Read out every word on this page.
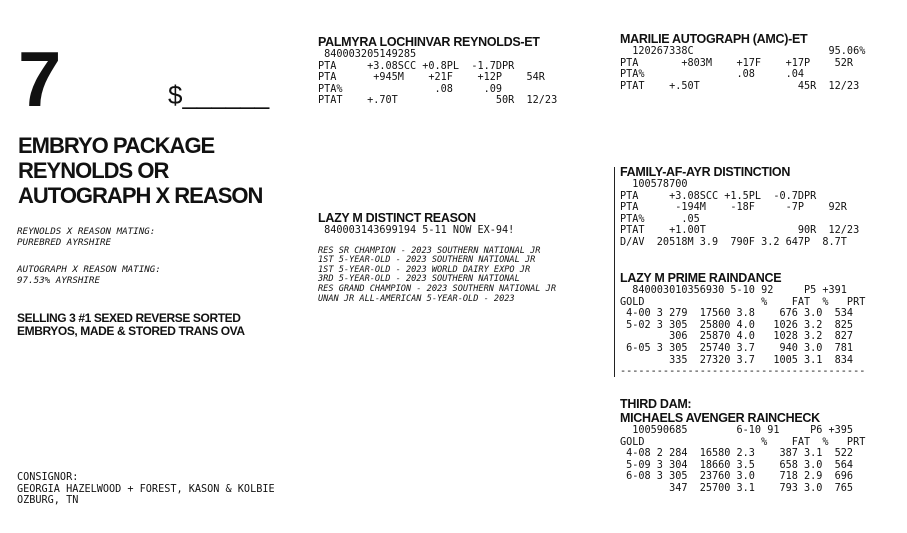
7	$______
EMBRYO PACKAGE
REYNOLDS OR
AUTOGRAPH X REASON
REYNOLDS X REASON MATING:
PUREBRED AYRSHIRE
AUTOGRAPH X REASON MATING:
97.53% AYRSHIRE
SELLING 3 #1 SEXED REVERSE SORTED
EMBRYOS, MADE & STORED TRANS OVA
CONSIGNOR:
GEORGIA HAZELWOOD + FOREST, KASON & KOLBIE
OZBURG, TN
PALMYRA LOCHINVAR REYNOLDS-ET
840003205149285
PTA     +3.08SCC +0.8PL  -1.7DPR
PTA      +945M    +21F    +12P    54R
PTA%               .08     .09
PTAT    +.70T                50R  12/23
LAZY M DISTINCT REASON
840003143699194 5-11 NOW EX-94!
RES SR CHAMPION - 2023 SOUTHERN NATIONAL JR
1ST 5-YEAR-OLD - 2023 SOUTHERN NATIONAL JR
1ST 5-YEAR-OLD - 2023 WORLD DAIRY EXPO JR
3RD 5-YEAR-OLD - 2023 SOUTHERN NATIONAL
RES GRAND CHAMPION - 2023 SOUTHERN NATIONAL JR
UNAN JR ALL-AMERICAN 5-YEAR-OLD - 2023
MARILIE AUTOGRAPH (AMC)-ET
120267338C                      95.06%
PTA       +803M    +17F    +17P    52R
PTA%               .08     .04
PTAT    +.50T                45R  12/23
FAMILY-AF-AYR DISTINCTION
100578700
PTA     +3.08SCC +1.5PL  -0.7DPR
PTA      -194M    -18F     -7P    92R
PTA%      .05
PTAT    +1.00T               90R  12/23
D/AV  20518M 3.9  790F 3.2 647P  8.7T
LAZY M PRIME RAINDANCE
840003010356930 5-10 92     P5 +391
GOLD                   %    FAT  %   PRT
4-00 3 279  17560 3.8    676 3.0  534
5-02 3 305  25800 4.0   1026 3.2  825
306  25870 4.0   1028 3.2  827
6-05 3 305  25740 3.7    940 3.0  781
335  27320 3.7   1005 3.1  834
----------------------------------------
THIRD DAM:
MICHAELS AVENGER RAINCHECK
100590685        6-10 91     P6 +395
GOLD                   %    FAT  %   PRT
4-08 2 284  16580 2.3    387 3.1  522
5-09 3 304  18660 3.5    658 3.0  564
6-08 3 305  23760 3.0    718 2.9  696
347  25700 3.1    793 3.0  765
